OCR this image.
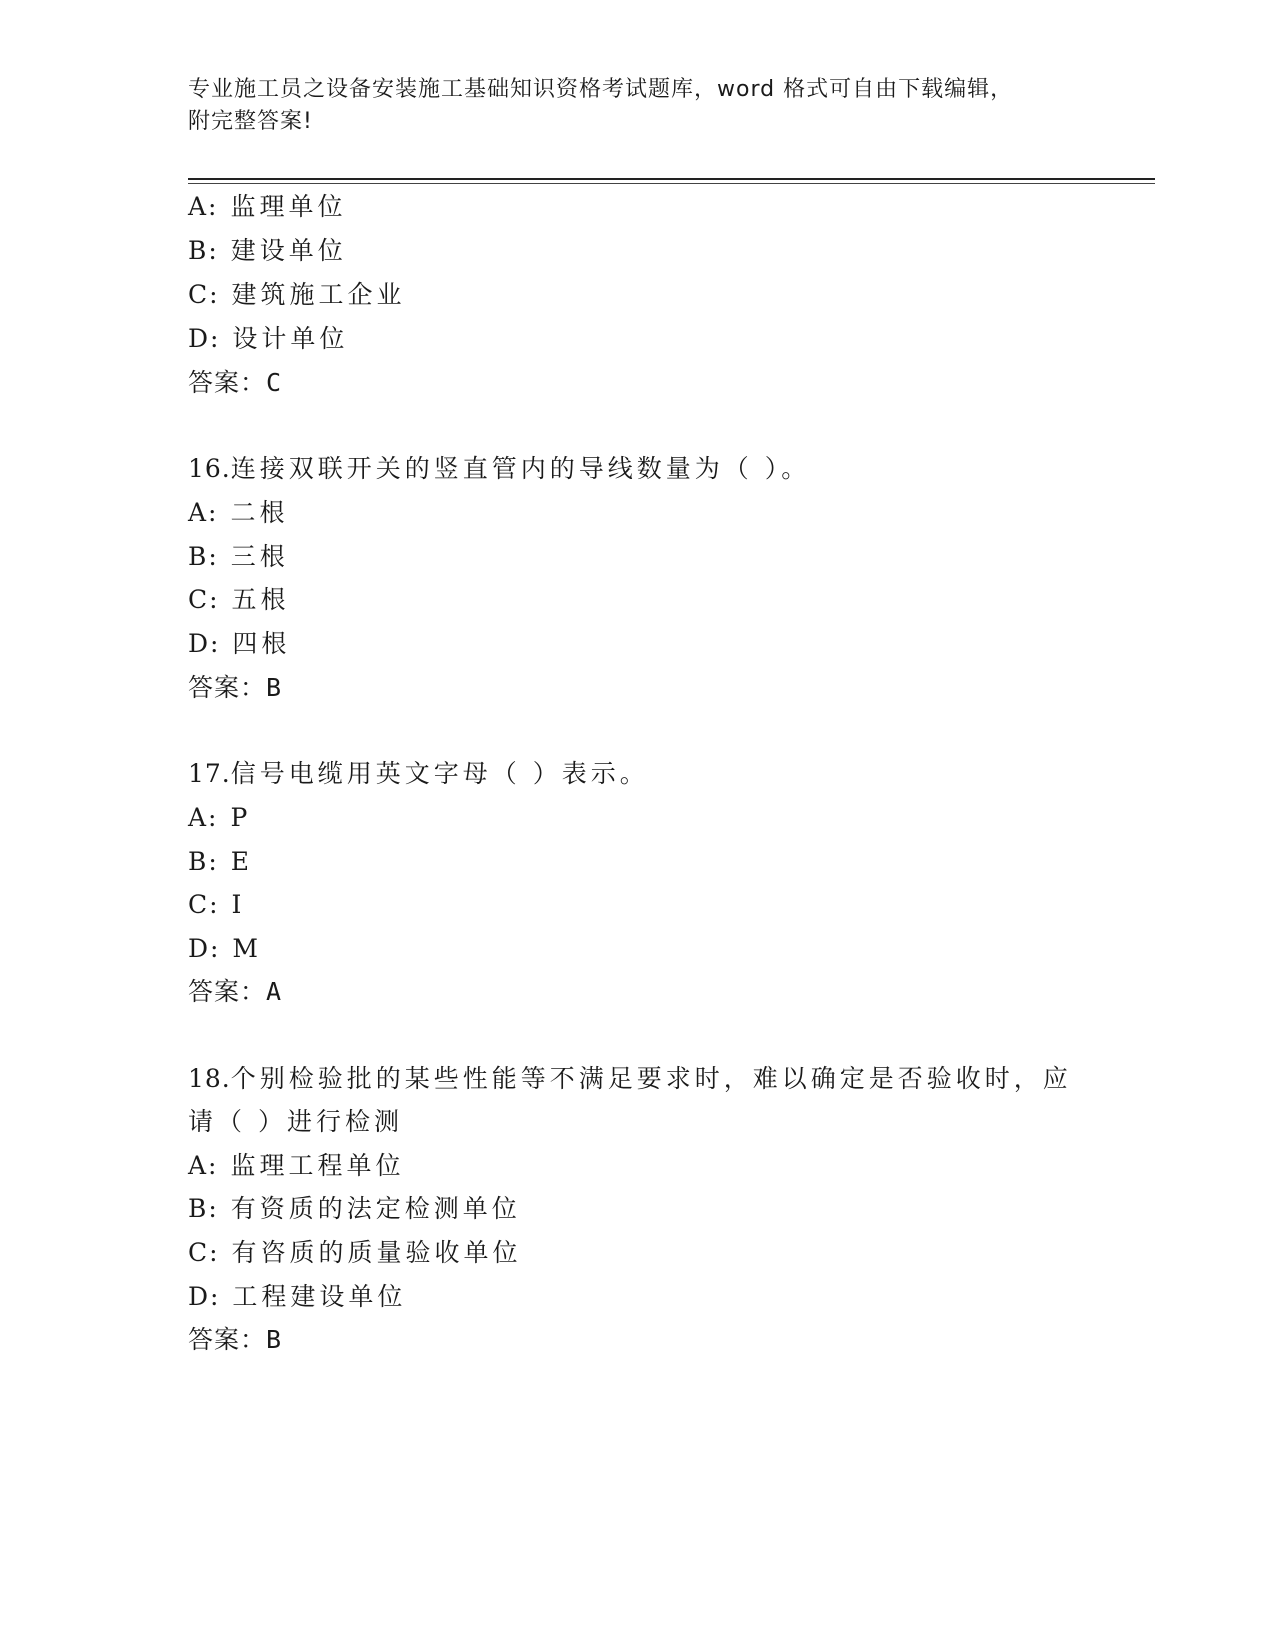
专业施工员之设备安装施工基础知识资格考试题库，word 格式可自由下载编辑，
附完整答案!
A: 监理单位
B: 建设单位
C: 建筑施工企业
D: 设计单位
答案：C
16.连接双联开关的竖直管内的导线数量为（ ）。
A: 二根
B: 三根
C: 五根
D: 四根
答案：B
17.信号电缆用英文字母（ ）表示。
A: P
B: E
C: I
D: M
答案：A
18.个别检验批的某些性能等不满足要求时，难以确定是否验收时，应
请（ ）进行检测
A: 监理工程单位
B: 有资质的法定检测单位
C: 有咨质的质量验收单位
D: 工程建设单位
答案：B
